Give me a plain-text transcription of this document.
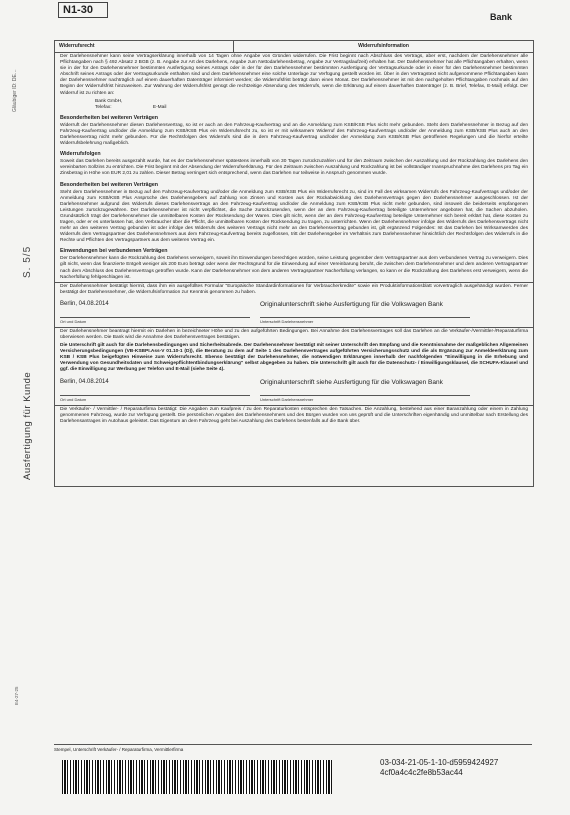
N1-30
Bank
Gläubiger ID: DE…
S. 5/5
Ausfertigung für Kunde
E4-27-25
Widerrufsrecht	Widerrufsinformation
Der Darlehensnehmer kann seine Vertragserklärung innerhalb von 14 Tagen ohne Angabe von Gründen widerrufen. Die Frist beginnt nach Abschluss des Vertrags, aber erst, nachdem der Darlehensnehmer alle Pflichtangaben nach § 492 Absatz 2 BGB (z. B. Angabe zur Art des Darlehens, Angabe zum Nettodarlehensbetrag, Angabe zur Vertragslaufzeit) erhalten hat. Der Darlehensnehmer hat alle Pflichtangaben erhalten, wenn sie in der für den Darlehensnehmer bestimmten Ausfertigung seines Antrags oder in der für den Darlehensnehmer bestimmten Ausfertigung der Vertragsurkunde oder in einer für den Darlehensnehmer bestimmten Abschrift seines Antrags oder der Vertragsurkunde enthalten sind und dem Darlehensnehmer eine solche Unterlage zur Verfügung gestellt worden ist. Über in den Vertragstext nicht aufgenommene Pflichtangaben kann der Darlehensnehmer nachträglich auf einem dauerhaften Datenträger informiert werden; die Widerrufsfrist beträgt dann einen Monat. Der Darlehensnehmer ist mit den nachgeholten Pflichtangaben nochmals auf den Beginn der Widerrufsfrist hinzuweisen. Zur Wahrung der Widerrufsfrist genügt die rechtzeitige Absendung des Widerrufs, wenn die Erklärung auf einem dauerhaften Datenträger (z. B. Brief, Telefax, E-Mail) erfolgt. Der Widerruf ist zu richten an:
Bank GmbH,
Telefax:	E-Mail
Besonderheiten bei weiteren Verträgen
Widerruft der Darlehensnehmer diesen Darlehensvertrag, so ist er auch an den Fahrzeug-Kaufvertrag und an die Anmeldung zum KSB/KSB Plus nicht mehr gebunden. Steht dem Darlehensnehmer in Bezug auf den Fahrzeug-Kaufvertrag und/oder die Anmeldung zum KSB/KSB Plus ein Widerrufsrecht zu, so ist er mit wirksamem Widerruf des Fahrzeug-Kaufvertrags und/oder der Anmeldung zum KSB/KSB Plus auch an den Darlehensvertrag nicht mehr gebunden. Für die Rechtsfolgen des Widerrufs sind die in dem Fahrzeug-Kaufvertrag und/oder der Anmeldung zum KSB/KSB Plus getroffenen Regelungen und die hierfür erteilte Widerrufsbelehrung maßgeblich.
Widerrufsfolgen
Soweit das Darlehen bereits ausgezahlt wurde, hat es der Darlehensnehmer spätestens innerhalb von 30 Tagen zurückzuzahlen und für den Zeitraum zwischen der Auszahlung und der Rückzahlung des Darlehens den vereinbarten Sollzins zu entrichten. Die Frist beginnt mit der Absendung der Widerrufserklärung. Für den Zeitraum zwischen Auszahlung und Rückzahlung ist bei vollständiger Inanspruchnahme des Darlehens pro Tag ein Zinsbetrag in Höhe von EUR 2,01 zu zahlen. Dieser Betrag verringert sich entsprechend, wenn das Darlehen nur teilweise in Anspruch genommen wurde.
Besonderheiten bei weiteren Verträgen
Steht dem Darlehensnehmer in Bezug auf den Fahrzeug-Kaufvertrag und/oder die Anmeldung zum KSB/KSB Plus ein Widerrufsrecht zu, sind im Fall des wirksamen Widerrufs des Fahrzeug-Kaufvertrags und/oder der Anmeldung zum KSB/KSB Plus Ansprüche des Darlehensgebers auf Zahlung von Zinsen und Kosten aus der Rückabwicklung des Darlehensvertrags gegen den Darlehensnehmer ausgeschlossen. Ist der Darlehensnehmer aufgrund des Widerrufs dieses Darlehensvertrags an den Fahrzeug-Kaufvertrag und/oder die Anmeldung zum KSB/KSB Plus nicht mehr gebunden, sind insoweit die beiderseits empfangenen Leistungen zurückzugewähren. Der Darlehensnehmer ist nicht verpflichtet, die Sache zurückzusenden, wenn der an dem Fahrzeug-Kaufvertrag beteiligte Unternehmer angeboten hat, die Sachen abzuholen. Grundsätzlich trägt der Darlehensnehmer die unmittelbaren Kosten der Rücksendung der Waren. Dies gilt nicht, wenn der an dem Fahrzeug-Kaufvertrag beteiligte Unternehmer sich bereit erklärt hat, diese Kosten zu tragen, oder er es unterlassen hat, den Verbraucher über die Pflicht, die unmittelbaren Kosten der Rücksendung zu tragen, zu unterrichten. Wenn der Darlehensnehmer infolge des Widerrufs des Darlehensvertrags nicht mehr an den weiteren Vertrag gebunden ist oder infolge des Widerrufs des weiteren Vertrags nicht mehr an den Darlehensvertrag gebunden ist, gilt ergänzend Folgendes: Ist das Darlehen bei Wirksamwerden des Widerrufs dem Vertragspartner des Darlehensnehmers aus dem Fahrzeug-Kaufvertrag bereits zugeflossen, tritt der Darlehensgeber im Verhältnis zum Darlehensnehmer hinsichtlich der Rechtsfolgen des Widerrufs in die Rechte und Pflichten des Vertragspartners aus dem weiteren Vertrag ein.
Einwendungen bei verbundenen Verträgen
Der Darlehensnehmer kann die Rückzahlung des Darlehens verweigern, soweit ihn Einwendungen berechtigen würden, seine Leistung gegenüber dem Vertragspartner aus dem verbundenen Vertrag zu verweigern. Dies gilt nicht, wenn das finanzierte Entgelt weniger als 200 Euro beträgt oder wenn der Rechtsgrund für die Einwendung auf einer Vereinbarung beruht, die zwischen dem Darlehensnehmer und dem anderen Vertragspartner nach dem Abschluss des Darlehensvertrags getroffen wurde. Kann der Darlehensnehmer von dem anderen Vertragspartner Nacherfüllung verlangen, so kann er die Rückzahlung des Darlehens erst verweigern, wenn die Nacherfüllung fehlgeschlagen ist.
Der Darlehensnehmer bestätigt hiermit, dass ihm ein ausgefülltes Formular "Europäische Standardinformationen für Verbraucherkredite" sowie ein Produktinformationsblatt vorvertraglich ausgehändigt wurden. Ferner bestätigt der Darlehensnehmer, die Widerrufsinformation zur Kenntnis genommen zu haben.
Berlin, 04.08.2014	Originalunterschrift siehe Ausfertigung für die Volkswagen Bank
Ort und Datum	Unterschrift Darlehensnehmer
Der Darlehensnehmer beantragt hiermit ein Darlehen in bezeichneter Höhe und zu den aufgeführten Bedingungen. Bei Annahme des Darlehensvertrages soll das Darlehen an die Verkäufer-/Vermittler-/Reparaturfirma überwiesen werden. Die Bank wird die Annahme des Darlehensvertrages bestätigen.
Die Unterschrift gilt auch für die Darlehensbedingungen und Sicherheitsabrede. Der Darlehensnehmer bestätigt mit seiner Unterschrift den Empfang und die Kenntnisnahme der maßgeblichen Allgemeinen Versicherungsbedingungen (VB-KSBPI.Ass-V 01.10-1 (D)), die Beratung zu dem auf Seite 1 des Darlehensvertrages aufgeführten Versicherungsschutz und die als Ergänzung zur Anmeldeerklärung zum KSB / KSB Plus beigefügten Hinweise zum Widerrufsrecht. Ebenso bestätigt der Darlehensnehmer, die notwendigen Erklärungen innerhalb der nachfolgenden "Einwilligung in die Erhebung und Verwendung von Gesundheitsdaten und Schweigepflichtentbindungserklärung" selbst abgegeben zu haben. Die Unterschrift gilt auch für die Datenschutz- / Einwilligungsklausel, die SCHUFA-Klausel und ggf. die Einwilligung zur Werbung per Telefon und E-Mail (siehe Seite 4).
Berlin, 04.08.2014	Originalunterschrift siehe Ausfertigung für die Volkswagen Bank
Ort und Datum	Unterschrift Darlehensnehmer
Die Verkäufer- / Vermittler- / Reparaturfirma bestätigt: Die Angaben zum Kaufpreis / zu den Reparaturkosten entsprechen den Tatsachen. Die Anzahlung, bestehend aus einer Baranzahlung oder einem in Zahlung genommenen Fahrzeug, wurde zur Verfügung gestellt. Die persönlichen Angaben des Darlehensnehmers und des Bürgen wurden von uns geprüft und die Unterschriften eigenhändig und unmittelbar nach Erstellung des Darlehensantrages im Autohaus geleistet. Das Eigentum an dem Fahrzeug geht bei Auszahlung des Darlehens bestenfalls auf die Bank über.
Stempel, Unterschrift Verkäufer- / Reparaturfirma, Vermittlerfirma
03-034-21-05-1-10-d5959424927
4cf0a4c4c2fe8b53ac44
